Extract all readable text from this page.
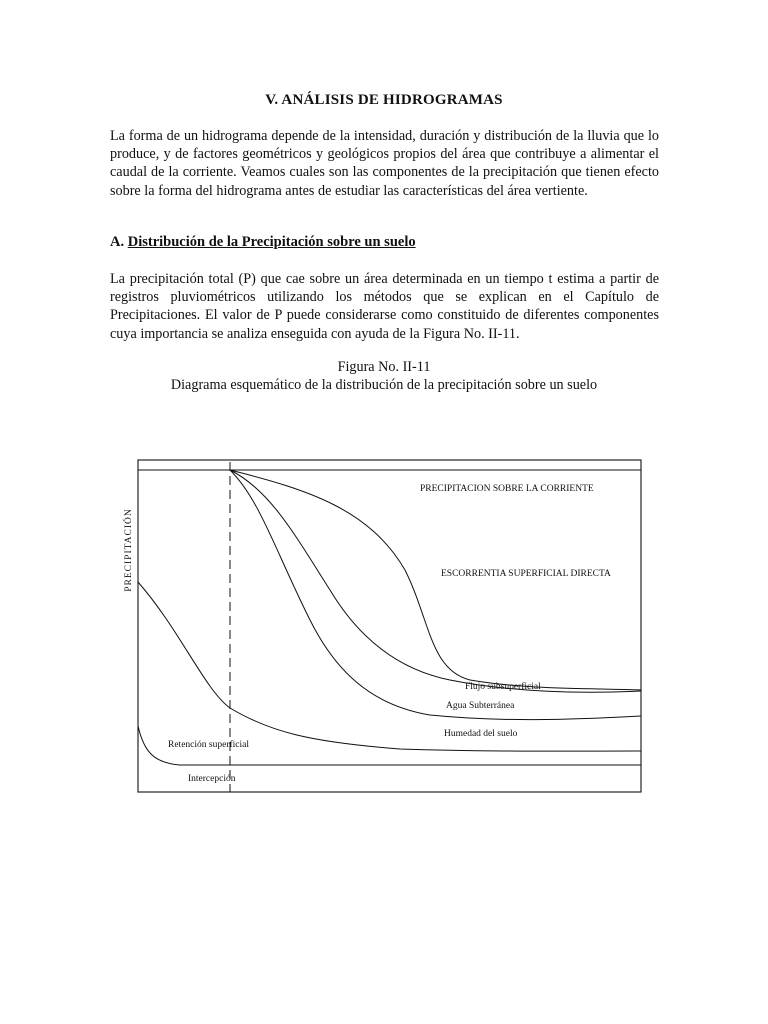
V. ANÁLISIS DE HIDROGRAMAS
La forma de un hidrograma depende de la intensidad, duración y distribución de la lluvia que lo produce, y de factores geométricos y geológicos propios del área que contribuye a alimentar el caudal de la corriente. Veamos cuales son las componentes de la precipitación que tienen efecto sobre la forma del hidrograma antes de estudiar las características del área vertiente.
A. Distribución de la Precipitación sobre un suelo
La precipitación total (P) que cae sobre un área determinada en un tiempo t estima a partir de registros pluviométricos utilizando los métodos que se explican en el Capítulo de Precipitaciones. El valor de P puede considerarse como constituido de diferentes componentes cuya importancia se analiza enseguida con ayuda de la Figura No. II-11.
Figura No. II-11
Diagrama esquemático de la distribución de la precipitación sobre un suelo
PRECIPITACION SOBRE LA CORRIENTE
ESCORRENTIA SUPERFICIAL DIRECTA
Flujo subsuperficial
Agua Subterránea
Humedad del suelo
Retención superficial
Intercepción
PRECIPITACIÓN
